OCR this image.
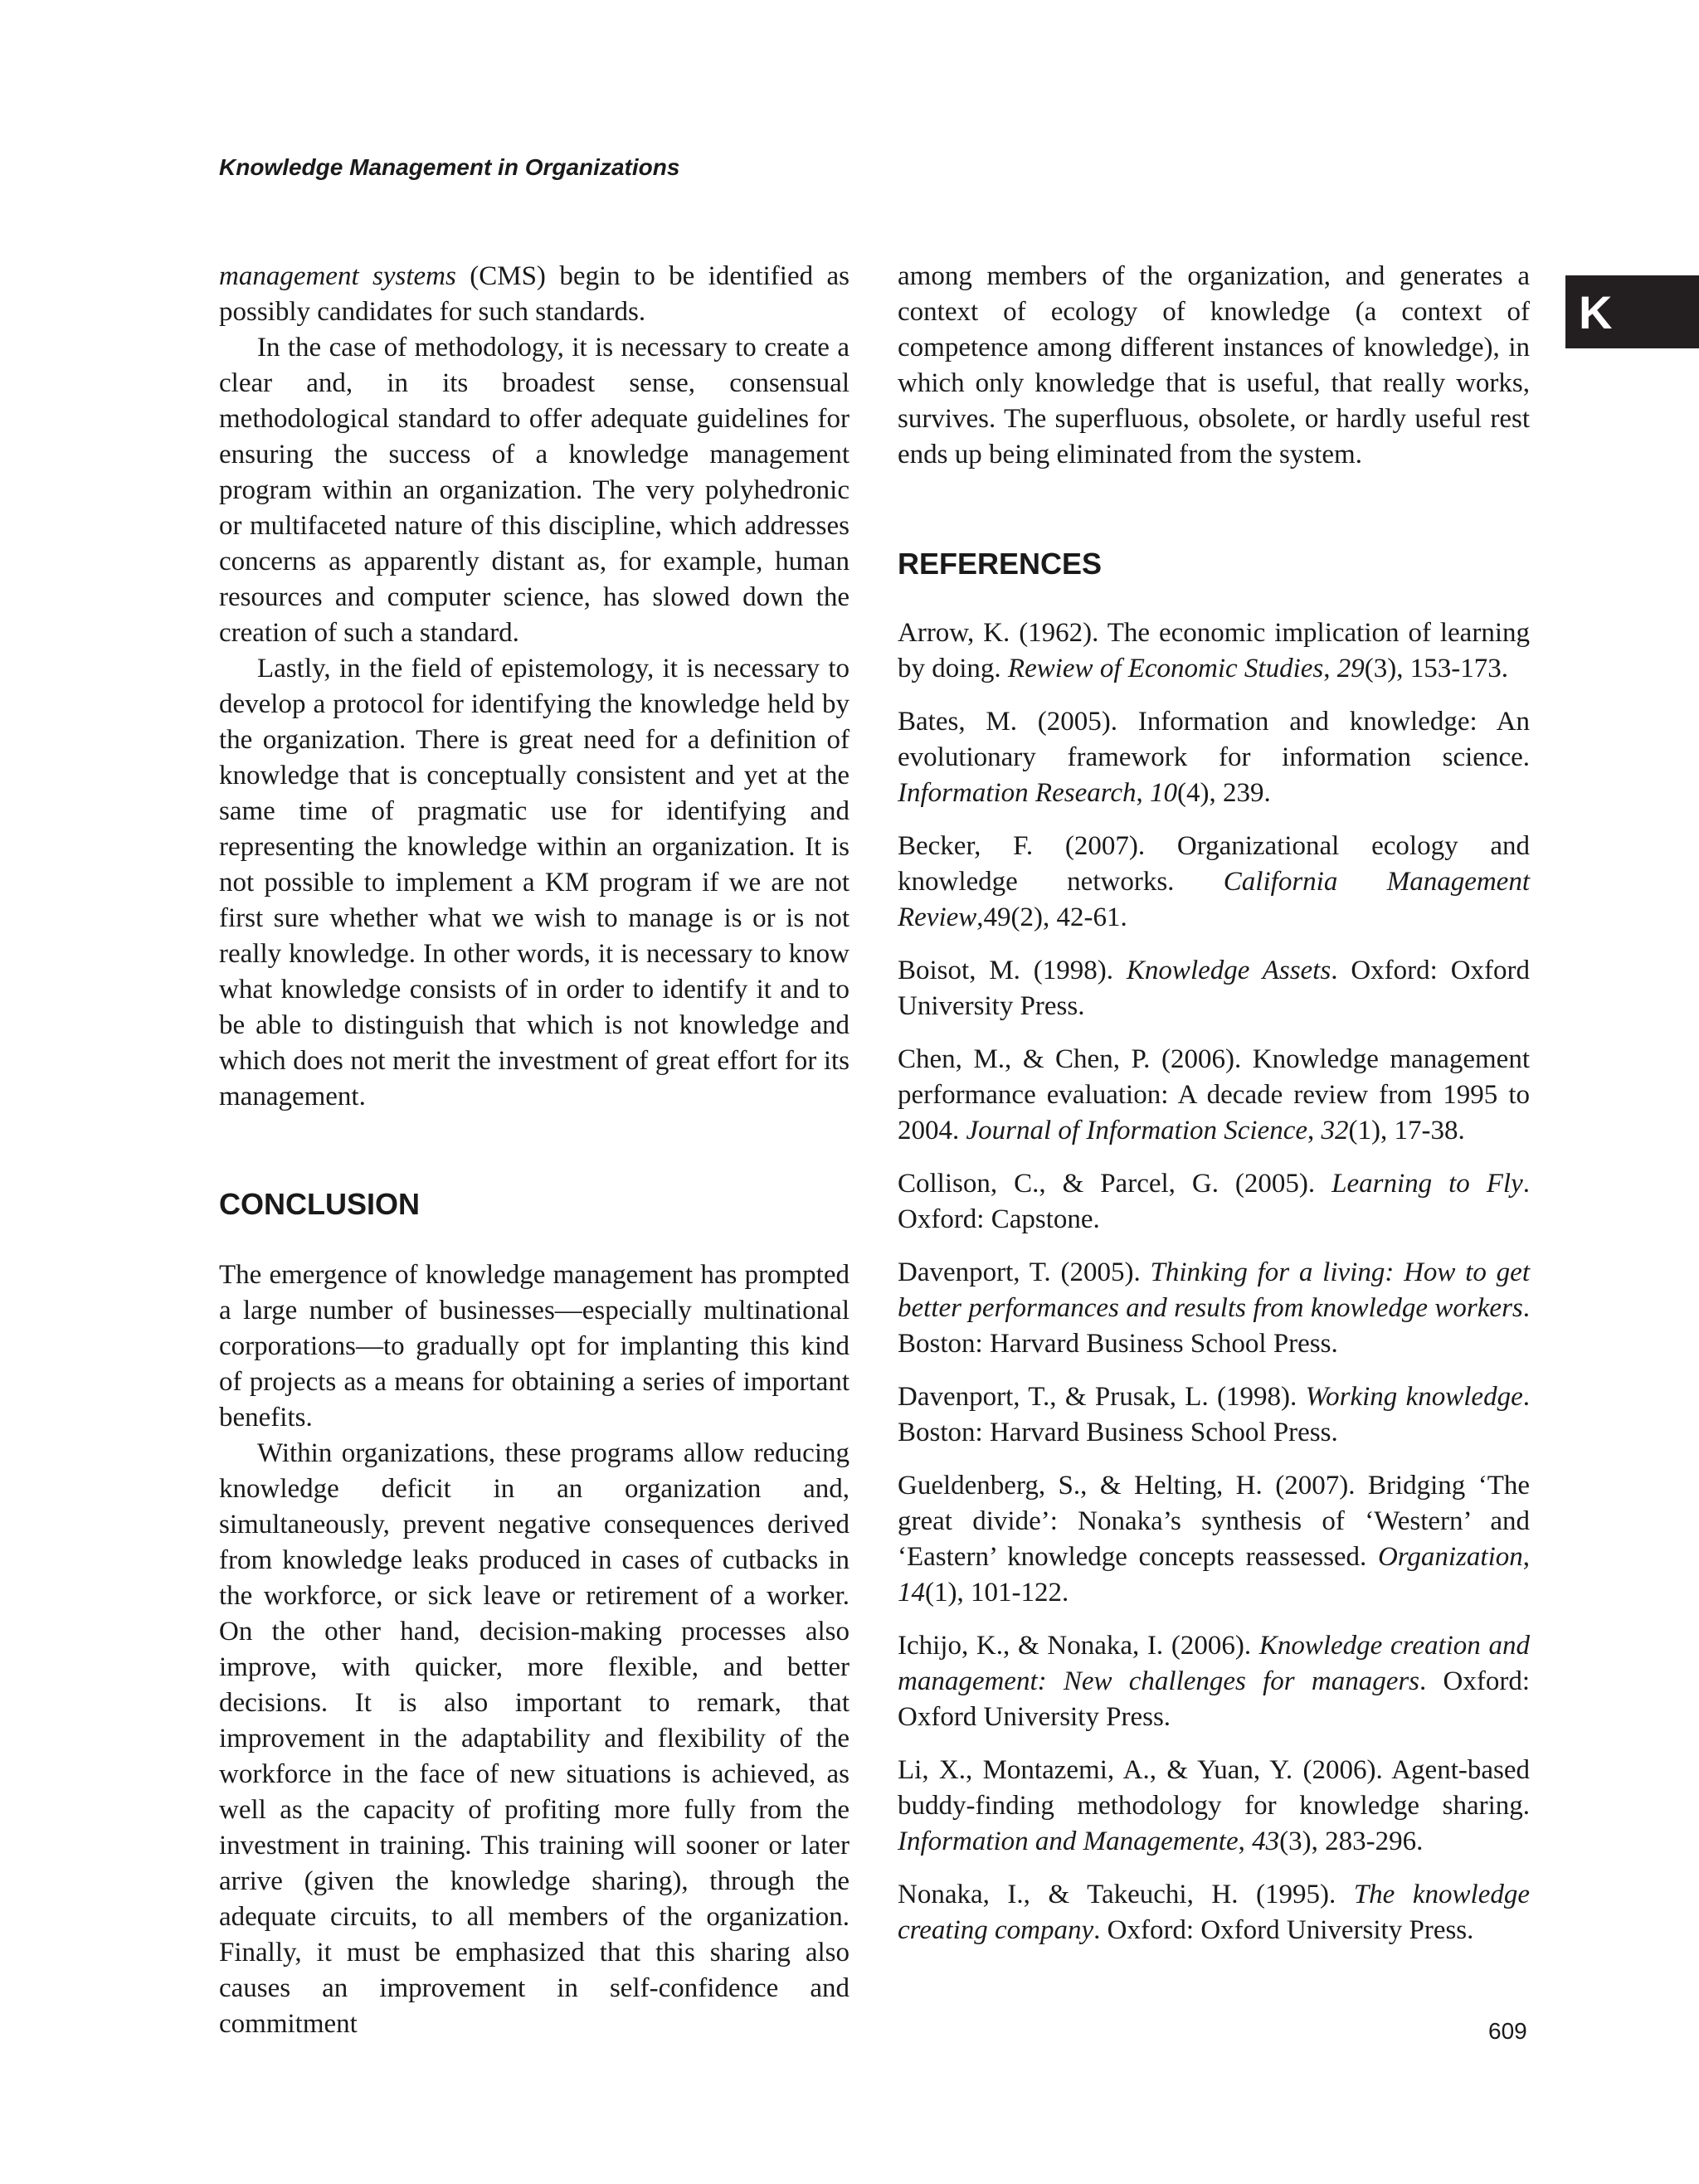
Knowledge Management in Organizations
K

management systems (CMS) begin to be identified as possibly candidates for such standards.

In the case of methodology, it is necessary to create a clear and, in its broadest sense, consensual methodological standard to offer adequate guidelines for ensuring the success of a knowledge management program within an organization. The very polyhedronic or multifaceted nature of this discipline, which addresses concerns as apparently distant as, for example, human resources and computer science, has slowed down the creation of such a standard.

Lastly, in the field of epistemology, it is necessary to develop a protocol for identifying the knowledge held by the organization. There is great need for a definition of knowledge that is conceptually consistent and yet at the same time of pragmatic use for identifying and representing the knowledge within an organization. It is not possible to implement a KM program if we are not first sure whether what we wish to manage is or is not really knowledge. In other words, it is necessary to know what knowledge consists of in order to identify it and to be able to distinguish that which is not knowledge and which does not merit the investment of great effort for its management.

CONCLUSION

The emergence of knowledge management has prompted a large number of businesses—especially multinational corporations—to gradually opt for implanting this kind of projects as a means for obtaining a series of important benefits.

Within organizations, these programs allow reducing knowledge deficit in an organization and, simultaneously, prevent negative consequences derived from knowledge leaks produced in cases of cutbacks in the workforce, or sick leave or retirement of a worker. On the other hand, decision-making processes also improve, with quicker, more flexible, and better decisions. It is also important to remark, that improvement in the adaptability and flexibility of the workforce in the face of new situations is achieved, as well as the capacity of profiting more fully from the investment in training. This training will sooner or later arrive (given the knowledge sharing), through the adequate circuits, to all members of the organization. Finally, it must be emphasized that this sharing also causes an improvement in self-confidence and commitment

among members of the organization, and generates a context of ecology of knowledge (a context of competence among different instances of knowledge), in which only knowledge that is useful, that really works, survives. The superfluous, obsolete, or hardly useful rest ends up being eliminated from the system.

REFERENCES

Arrow, K. (1962). The economic implication of learning by doing. Rewiew of Economic Studies, 29(3), 153-173.

Bates, M. (2005). Information and knowledge: An evolutionary framework for information science. Information Research, 10(4), 239.

Becker, F. (2007). Organizational ecology and knowledge networks. California Management Review,49(2), 42-61.

Boisot, M. (1998). Knowledge Assets. Oxford: Oxford University Press.

Chen, M., & Chen, P. (2006). Knowledge management performance evaluation: A decade review from 1995 to 2004. Journal of Information Science, 32(1), 17-38.

Collison, C., & Parcel, G. (2005). Learning to Fly. Oxford: Capstone.

Davenport, T. (2005). Thinking for a living: How to get better performances and results from knowledge workers. Boston: Harvard Business School Press.

Davenport, T., & Prusak, L. (1998). Working knowledge. Boston: Harvard Business School Press.

Gueldenberg, S., & Helting, H. (2007). Bridging ‘The great divide’: Nonaka’s synthesis of ‘Western’ and ‘Eastern’ knowledge concepts reassessed. Organization, 14(1), 101-122.

Ichijo, K., & Nonaka, I. (2006). Knowledge creation and management: New challenges for managers. Oxford: Oxford University Press.

Li, X., Montazemi, A., & Yuan, Y. (2006). Agent-based buddy-finding methodology for knowledge sharing. Information and Managemente, 43(3), 283-296.

Nonaka, I., & Takeuchi, H. (1995). The knowledge creating company. Oxford: Oxford University Press.

609
